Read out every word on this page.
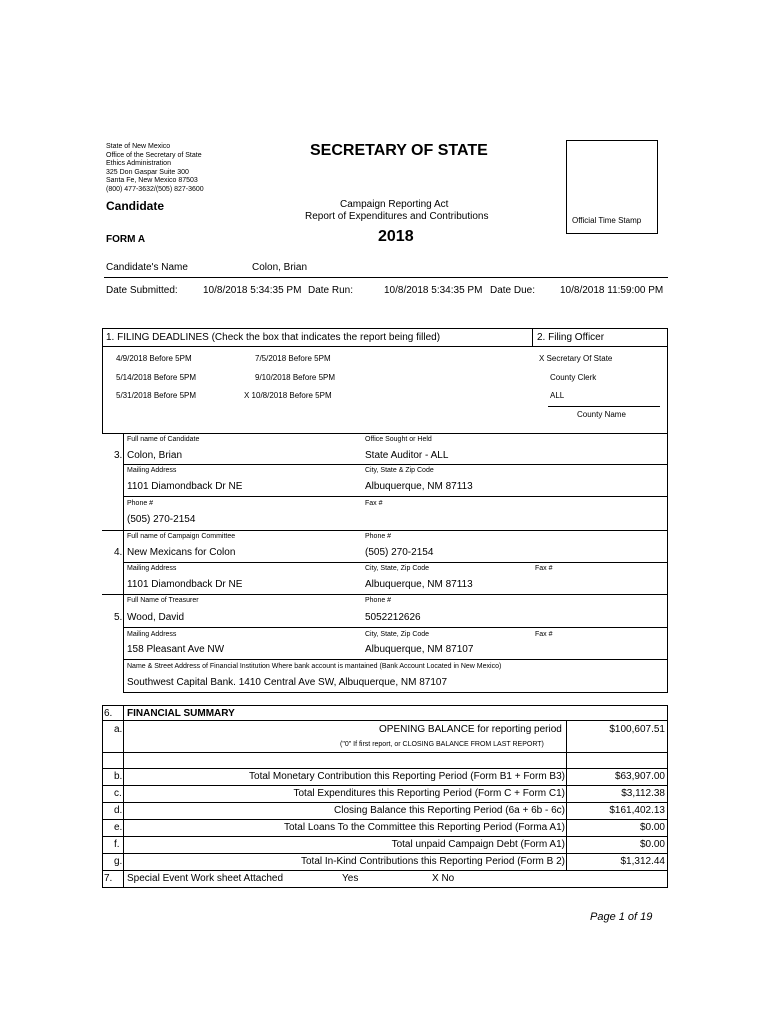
State of New Mexico
Office of the Secretary of State
Ethics Administration
325 Don Gaspar Suite 300
Santa Fe, New Mexico 87503
(800) 477-3632/(505) 827-3600
SECRETARY OF STATE
Candidate	Campaign Reporting Act
Report of Expenditures and Contributions
2018
FORM A
Official Time Stamp
Candidate's Name	Colon, Brian
Date Submitted:	10/8/2018 5:34:35 PM Date Run:	10/8/2018 5:34:35 PM Date Due: 10/8/2018 11:59:00 PM
1. FILING DEADLINES (Check the box that indicates the report being filled)	2. Filing Officer
4/9/2018 Before 5PM
5/14/2018 Before 5PM
5/31/2018 Before 5PM
7/5/2018 Before 5PM
9/10/2018 Before 5PM
X 10/8/2018 Before 5PM
X Secretary Of State
County Clerk
ALL
County Name
Full name of Candidate	Office Sought or Held
3. Colon, Brian	State Auditor - ALL
Mailing Address	City, State & Zip Code
1101 Diamondback Dr NE	Albuquerque, NM 87113
Phone #	Fax #
(505) 270-2154
Full name of Campaign Committee	Phone #
4. New Mexicans for Colon	(505) 270-2154
Mailing Address	City, State, Zip Code	Fax #
1101 Diamondback Dr NE	Albuquerque, NM 87113
Full Name of Treasurer	Phone #
5. Wood, David	5052212626
Mailing Address	City, State, Zip Code	Fax #
158 Pleasant Ave NW	Albuquerque, NM 87107
Name & Street Address of Financial Institution Where bank account is mantained (Bank Account Located in New Mexico)
Southwest Capital Bank. 1410 Central Ave SW, Albuquerque, NM 87107
6. FINANCIAL SUMMARY
a.	OPENING BALANCE for reporting period	$100,607.51
("0" If first report, or CLOSING BALANCE FROM LAST REPORT)
b.	Total Monetary Contribution this Reporting Period (Form B1 + Form B3)	$63,907.00
c.	Total Expenditures this Reporting Period (Form C + Form C1)	$3,112.38
d.	Closing Balance this Reporting Period (6a + 6b - 6c)	$161,402.13
e.	Total Loans To the Committee this Reporting Period (Forma A1)	$0.00
f.	Total unpaid Campaign Debt (Form A1)	$0.00
g.	Total In-Kind Contributions this Reporting Period (Form B 2)	$1,312.44
7. Special Event Work sheet Attached	Yes	X No
Page 1 of 19
